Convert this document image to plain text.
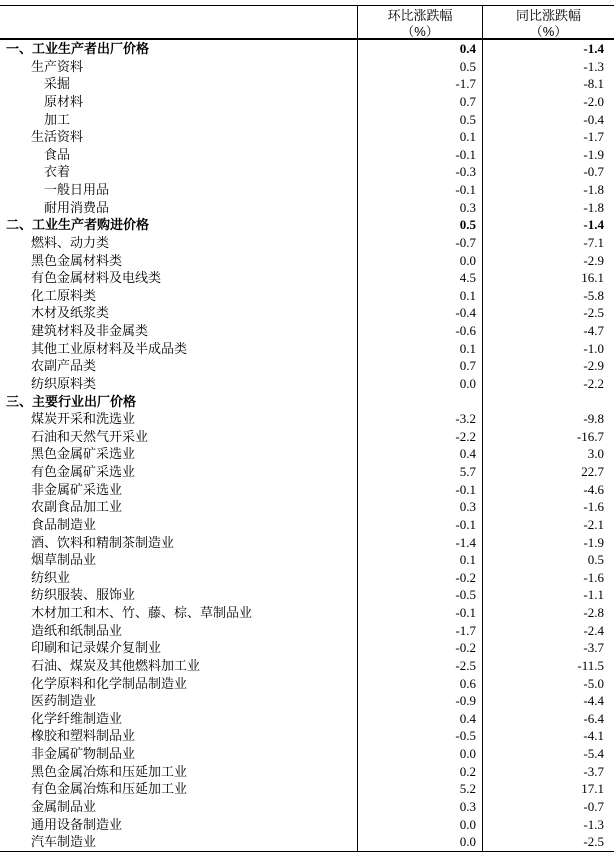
环比涨跌幅
（%）
同比涨跌幅
（%）
一、工业生产者出厂价格	0.4	-1.4
生产资料	0.5	-1.3
采掘	-1.7	-8.1
原材料	0.7	-2.0
加工	0.5	-0.4
生活资料	0.1	-1.7
食品	-0.1	-1.9
衣着	-0.3	-0.7
一般日用品	-0.1	-1.8
耐用消费品	0.3	-1.8
二、工业生产者购进价格	0.5	-1.4
燃料、动力类	-0.7	-7.1
黑色金属材料类	0.0	-2.9
有色金属材料及电线类	4.5	16.1
化工原料类	0.1	-5.8
木材及纸浆类	-0.4	-2.5
建筑材料及非金属类	-0.6	-4.7
其他工业原材料及半成品类	0.1	-1.0
农副产品类	0.7	-2.9
纺织原料类	0.0	-2.2
三、主要行业出厂价格
煤炭开采和洗选业	-3.2	-9.8
石油和天然气开采业	-2.2	-16.7
黑色金属矿采选业	0.4	3.0
有色金属矿采选业	5.7	22.7
非金属矿采选业	-0.1	-4.6
农副食品加工业	0.3	-1.6
食品制造业	-0.1	-2.1
酒、饮料和精制茶制造业	-1.4	-1.9
烟草制品业	0.1	0.5
纺织业	-0.2	-1.6
纺织服装、服饰业	-0.5	-1.1
木材加工和木、竹、藤、棕、草制品业	-0.1	-2.8
造纸和纸制品业	-1.7	-2.4
印刷和记录媒介复制业	-0.2	-3.7
石油、煤炭及其他燃料加工业	-2.5	-11.5
化学原料和化学制品制造业	0.6	-5.0
医药制造业	-0.9	-4.4
化学纤维制造业	0.4	-6.4
橡胶和塑料制品业	-0.5	-4.1
非金属矿物制品业	0.0	-5.4
黑色金属冶炼和压延加工业	0.2	-3.7
有色金属冶炼和压延加工业	5.2	17.1
金属制品业	0.3	-0.7
通用设备制造业	0.0	-1.3
汽车制造业	0.0	-2.5
